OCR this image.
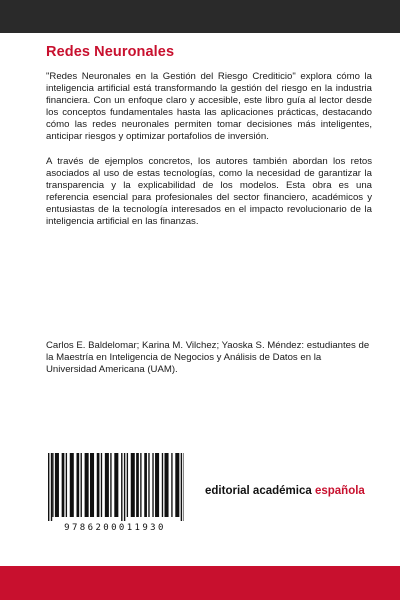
Redes Neuronales

"Redes Neuronales en la Gestión del Riesgo Crediticio" explora cómo la inteligencia artificial está transformando la gestión del riesgo en la industria financiera. Con un enfoque claro y accesible, este libro guía al lector desde los conceptos fundamentales hasta las aplicaciones prácticas, destacando cómo las redes neuronales permiten tomar decisiones más inteligentes, anticipar riesgos y optimizar portafolios de inversión.

A través de ejemplos concretos, los autores también abordan los retos asociados al uso de estas tecnologías, como la necesidad de garantizar la transparencia y la explicabilidad de los modelos. Esta obra es una referencia esencial para profesionales del sector financiero, académicos y entusiastas de la tecnología interesados en el impacto revolucionario de la inteligencia artificial en las finanzas.

Carlos E. Baldelomar; Karina M. Vilchez; Yaoska S. Méndez: estudiantes de la Maestría en Inteligencia de Negocios y Análisis de Datos en la Universidad Americana (UAM).

9786200011930
editorial académica española
